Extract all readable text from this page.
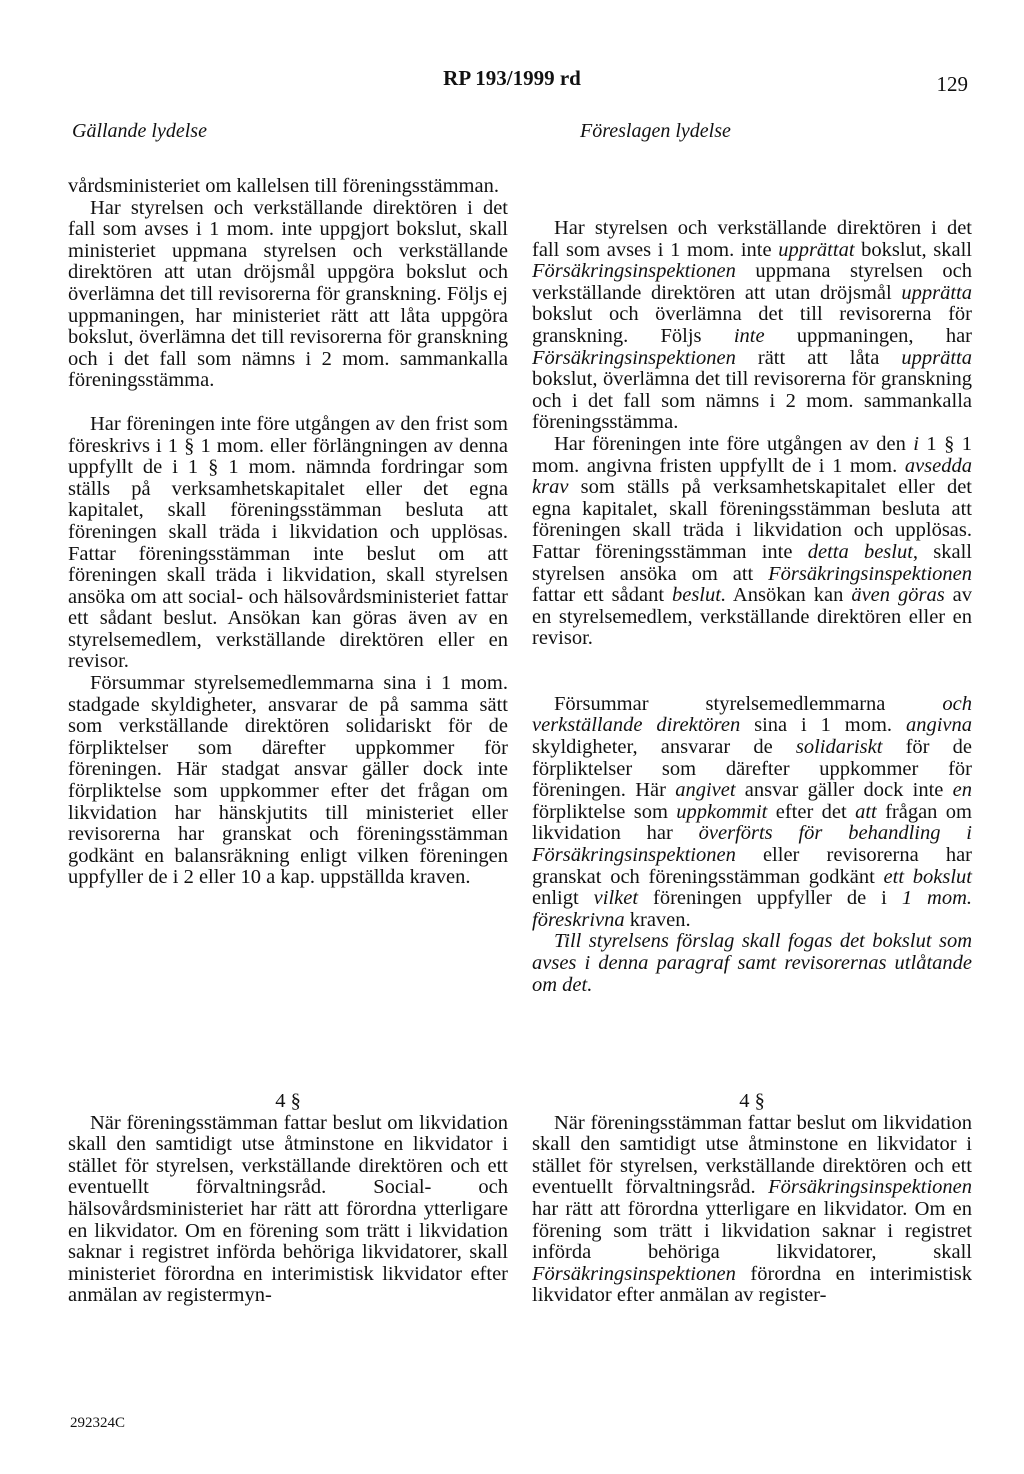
RP 193/1999 rd	129
Gällande lydelse	Föreslagen lydelse

vårdsministeriet om kallelsen till föreningsstämman.

Har styrelsen och verkställande direktören i det fall som avses i 1 mom. inte uppgjort bokslut, skall ministeriet uppmana styrelsen och verkställande direktören att utan dröjsmål uppgöra bokslut och överlämna det till revisorerna för granskning. Följs ej uppmaningen, har ministeriet rätt att låta uppgöra bokslut, överlämna det till revisorerna för granskning och i det fall som nämns i 2 mom. sammankalla föreningsstämma.

Har föreningen inte före utgången av den frist som föreskrivs i 1 § 1 mom. eller förlängningen av denna uppfyllt de i 1 § 1 mom. nämnda fordringar som ställs på verksamhetskapitalet eller det egna kapitalet, skall föreningsstämman besluta att föreningen skall träda i likvidation och upplösas. Fattar föreningsstämman inte beslut om att föreningen skall träda i likvidation, skall styrelsen ansöka om att social- och hälsovårdsministeriet fattar ett sådant beslut. Ansökan kan göras även av en styrelsemedlem, verkställande direktören eller en revisor.

Försummar styrelsemedlemmarna sina i 1 mom. stadgade skyldigheter, ansvarar de på samma sätt som verkställande direktören solidariskt för de förpliktelser som därefter uppkommer för föreningen. Här stadgat ansvar gäller dock inte förpliktelse som uppkommer efter det frågan om likvidation har hänskjutits till ministeriet eller revisorerna har granskat och föreningsstämman godkänt en balansräkning enligt vilken föreningen uppfyller de i 2 eller 10 a kap. uppställda kraven.

Har styrelsen och verkställande direktören i det fall som avses i 1 mom. inte upprättat bokslut, skall Försäkringsinspektionen uppmana styrelsen och verkställande direktören att utan dröjsmål upprätta bokslut och överlämna det till revisorerna för granskning. Följs inte uppmaningen, har Försäkringsinspektionen rätt att låta upprätta bokslut, överlämna det till revisorerna för granskning och i det fall som nämns i 2 mom. sammankalla föreningsstämma.

Har föreningen inte före utgången av den i 1 § 1 mom. angivna fristen uppfyllt de i 1 mom. avsedda krav som ställs på verksamhetskapitalet eller det egna kapitalet, skall föreningsstämman besluta att föreningen skall träda i likvidation och upplösas. Fattar föreningsstämman inte detta beslut, skall styrelsen ansöka om att Försäkringsinspektionen fattar ett sådant beslut. Ansökan kan även göras av en styrelsemedlem, verkställande direktören eller en revisor.

Försummar styrelsemedlemmarna och verkställande direktören sina i 1 mom. angivna skyldigheter, ansvarar de solidariskt för de förpliktelser som därefter uppkommer för föreningen. Här angivet ansvar gäller dock inte en förpliktelse som uppkommit efter det att frågan om likvidation har överförts för behandling i Försäkringsinspektionen eller revisorerna har granskat och föreningsstämman godkänt ett bokslut enligt vilket föreningen uppfyller de i 1 mom. föreskrivna kraven.

Till styrelsens förslag skall fogas det bokslut som avses i denna paragraf samt revisorernas utlåtande om det.

4 §

När föreningsstämman fattar beslut om likvidation skall den samtidigt utse åtminstone en likvidator i stället för styrelsen, verkställande direktören och ett eventuellt förvaltningsråd. Social- och hälsovårdsministeriet har rätt att förordna ytterligare en likvidator. Om en förening som trätt i likvidation saknar i registret införda behöriga likvidatorer, skall ministeriet förordna en interimistisk likvidator efter anmälan av registermyn-

4 §

När föreningsstämman fattar beslut om likvidation skall den samtidigt utse åtminstone en likvidator i stället för styrelsen, verkställande direktören och ett eventuellt förvaltningsråd. Försäkringsinspektionen har rätt att förordna ytterligare en likvidator. Om en förening som trätt i likvidation saknar i registret införda behöriga likvidatorer, skall Försäkringsinspektionen förordna en interimistisk likvidator efter anmälan av register-

292324C
